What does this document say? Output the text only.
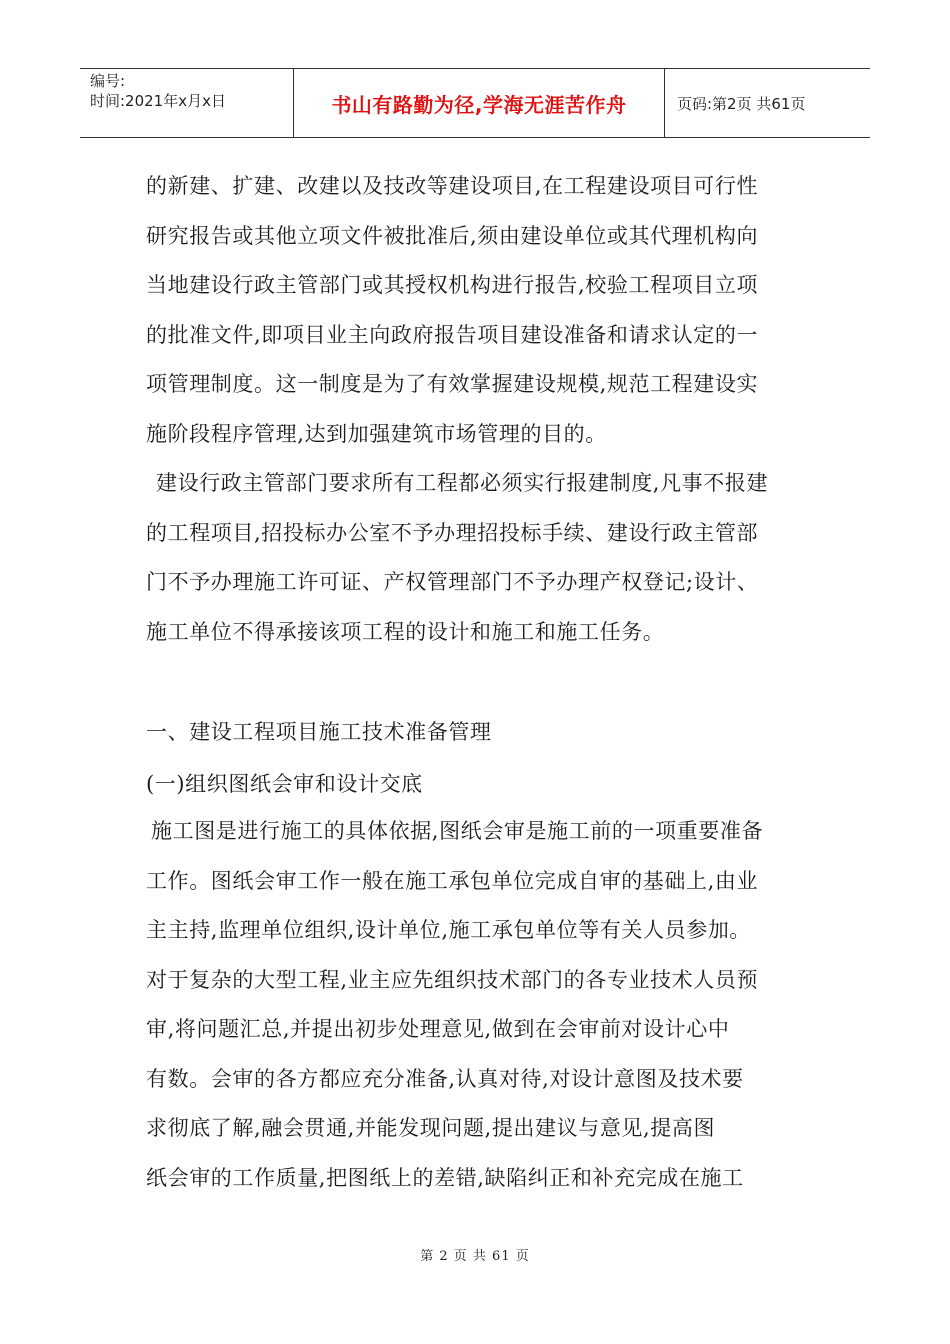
编号:
时间:2021年x月x日	书山有路勤为径,学海无涯苦作舟	页码:第2页 共61页
的新建、扩建、改建以及技改等建设项目,在工程建设项目可行性
研究报告或其他立项文件被批准后,须由建设单位或其代理机构向
当地建设行政主管部门或其授权机构进行报告,校验工程项目立项
的批准文件,即项目业主向政府报告项目建设准备和请求认定的一
项管理制度。这一制度是为了有效掌握建设规模,规范工程建设实
施阶段程序管理,达到加强建筑市场管理的目的。
建设行政主管部门要求所有工程都必须实行报建制度,凡事不报建
的工程项目,招投标办公室不予办理招投标手续、建设行政主管部
门不予办理施工许可证、产权管理部门不予办理产权登记;设计、
施工单位不得承接该项工程的设计和施工和施工任务。
一、建设工程项目施工技术准备管理
(一)组织图纸会审和设计交底
施工图是进行施工的具体依据,图纸会审是施工前的一项重要准备
工作。图纸会审工作一般在施工承包单位完成自审的基础上,由业
主主持,监理单位组织,设计单位,施工承包单位等有关人员参加。
对于复杂的大型工程,业主应先组织技术部门的各专业技术人员预
审,将问题汇总,并提出初步处理意见,做到在会审前对设计心中
有数。会审的各方都应充分准备,认真对待,对设计意图及技术要
求彻底了解,融会贯通,并能发现问题,提出建议与意见,提高图
纸会审的工作质量,把图纸上的差错,缺陷纠正和补充完成在施工
第 2 页 共 61 页
